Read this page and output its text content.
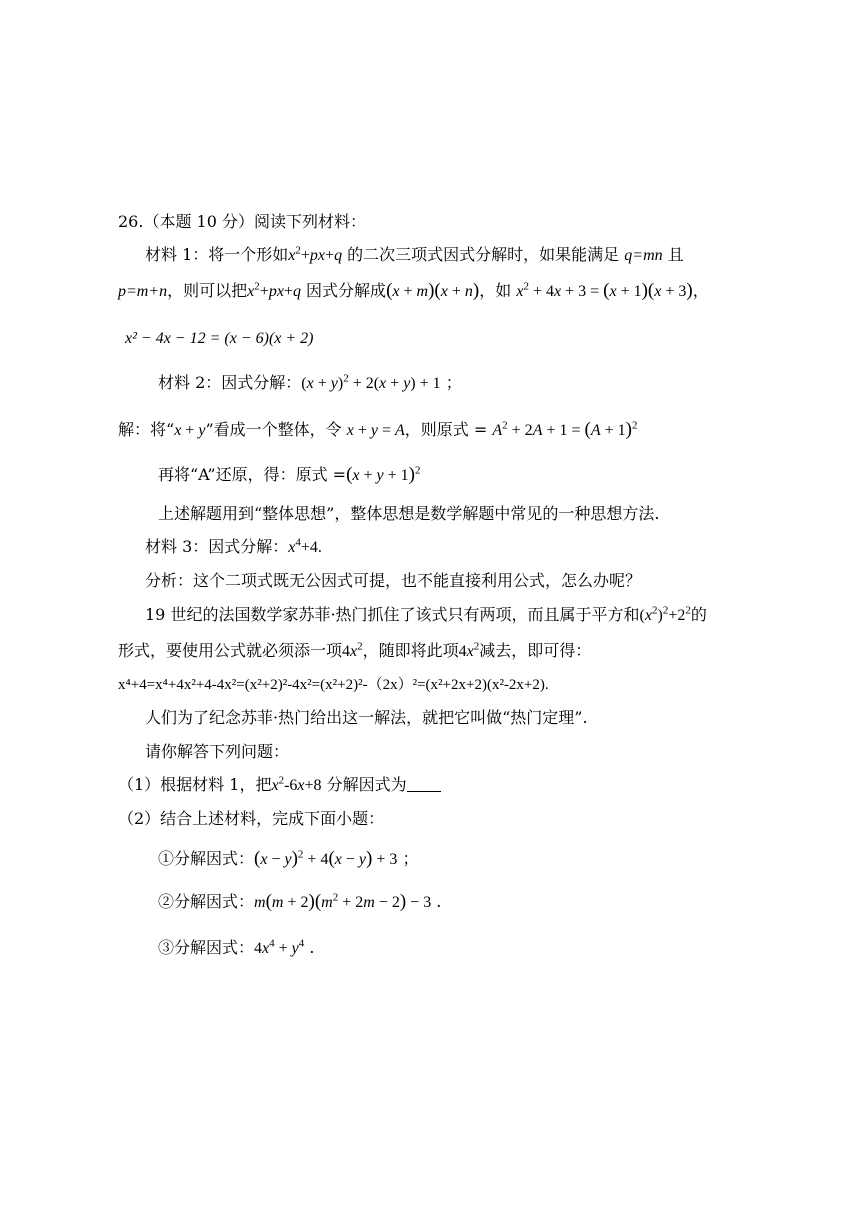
26.（本题 10 分）阅读下列材料：
材料 1：将一个形如$x^2+px+q$ 的二次三项式因式分解时，如果能满足 q=mn 且
p=m+n，则可以把$x^2+px+q$ 因式分解成(x + m)(x + n)，如 $x^2 + 4x + 3 = (x + 1)(x + 3)$，
x² − 4x − 12 = (x − 6)(x + 2)
材料 2：因式分解：$(x + y)^2 + 2(x + y) + 1$ ；
解：将“x + y”看成一个整体，令 x + y = A，则原式 = $A^2 + 2A + 1 = (A + 1)^2$
再将“A”还原，得：原式 $=(x + y + 1)^2$
上述解题用到“整体思想”，整体思想是数学解题中常见的一种思想方法.
材料 3：因式分解：$x^4+4$.
分析：这个二项式既无公因式可提，也不能直接利用公式，怎么办呢？
19 世纪的法国数学家苏菲·热门抓住了该式只有两项，而且属于平方和$(x^2)^2+2^2$的
形式，要使用公式就必须添一项$4x^2$，随即将此项$4x^2$减去，即可得：
x⁴+4=x⁴+4x²+4-4x²=(x²+2)²-4x²=(x²+2)²-（2x）²=(x²+2x+2)(x²-2x+2).
人们为了纪念苏菲·热门给出这一解法，就把它叫做“热门定理”.
请你解答下列问题：
（1）根据材料 1，把$x^2-6x+8$ 分解因式为
（2）结合上述材料，完成下面小题：
①分解因式：$(x - y)^2 + 4(x - y) + 3$ ；
②分解因式：$m(m + 2)(m^2 + 2m - 2) - 3$ .
③分解因式：$4x^4 + y^4$ .
